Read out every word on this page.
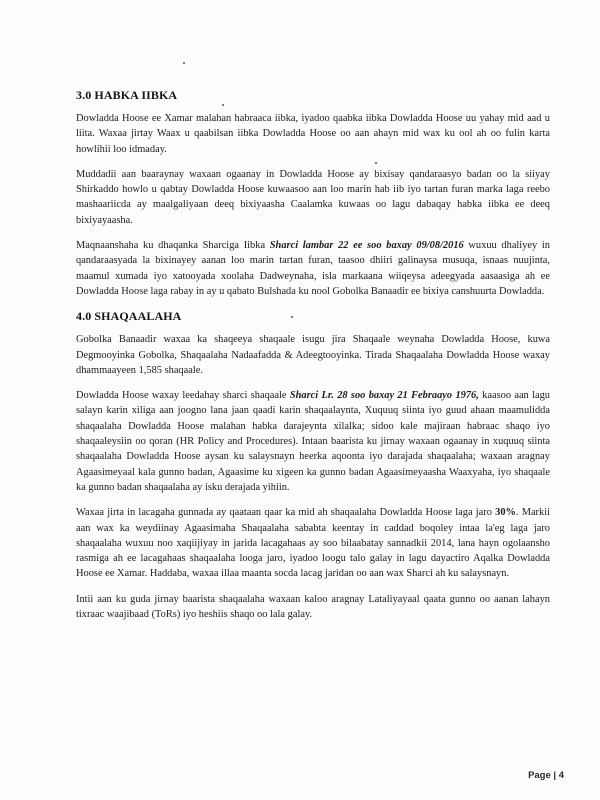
3.0 HABKA IIBKA

Dowladda Hoose ee Xamar malahan habraaca iibka, iyadoo qaabka iibka Dowladda Hoose uu yahay mid aad u liita. Waxaa jirtay Waax u qaabilsan iibka Dowladda Hoose oo aan ahayn mid wax ku ool ah oo fulin karta howlihii loo idmaday.

Muddadii aan baaraynay waxaan ogaanay in Dowladda Hoose ay bixisay qandaraasyo badan oo la siiyay Shirkaddo howlo u qabtay Dowladda Hoose kuwaasoo aan loo marin hab iib iyo tartan furan marka laga reebo mashaariicda ay maalgaliyaan deeq bixiyaasha Caalamka kuwaas oo lagu dabaqay habka iibka ee deeq bixiyayaasha.

Maqnaanshaha ku dhaqanka Sharciga Iibka Sharci lambar 22 ee soo baxay 09/08/2016 wuxuu dhaliyey in qandaraasyada la bixinayey aanan loo marin tartan furan, taasoo dhiiri galinaysa musuqa, isnaas nuujinta, maamul xumada iyo xatooyada xoolaha Dadweynaha, isla markaana wiiqeysa adeegyada aasaasiga ah ee Dowladda Hoose laga rabay in ay u qabato Bulshada ku nool Gobolka Banaadir ee bixiya canshuurta Dowladda.

4.0 SHAQAALAHA

Gobolka Banaadir waxaa ka shaqeeya shaqaale isugu jira Shaqaale weynaha Dowladda Hoose, kuwa Degmooyinka Gobolka, Shaqaalaha Nadaafadda & Adeegtooyinka. Tirada Shaqaalaha Dowladda Hoose waxay dhammaayeen 1,585 shaqaale.

Dowladda Hoose waxay leedahay sharci shaqaale Sharci Lr. 28 soo baxay 21 Febraayo 1976, kaasoo aan lagu salayn karin xiliga aan joogno lana jaan qaadi karin shaqaalaynta, Xuquuq siinta iyo guud ahaan maamulidda shaqaalaha Dowladda Hoose malahan habka darajeynta xilalka; sidoo kale majiraan habraac shaqo iyo shaqaaleysiin oo qoran (HR Policy and Procedures). Intaan baarista ku jirnay waxaan ogaanay in xuquuq siinta shaqaalaha Dowladda Hoose aysan ku salaysnayn heerka aqoonta iyo darajada shaqaalaha; waxaan aragnay Agaasimeyaal kala gunno badan, Agaasime ku xigeen ka gunno badan Agaasimeyaasha Waaxyaha, iyo shaqaale ka gunno badan shaqaalaha ay isku derajada yihiin.

Waxaa jirta in lacagaha gunnada ay qaataan qaar ka mid ah shaqaalaha Dowladda Hoose laga jaro 30%. Markii aan wax ka weydiinay Agaasimaha Shaqaalaha sababta keentay in caddad boqoley intaa la'eg laga jaro shaqaalaha wuxuu noo xaqiijiyay in jarida lacagahaas ay soo bilaabatay sannadkii 2014, lana hayn ogolaansho rasmiga ah ee lacagahaas shaqaalaha looga jaro, iyadoo loogu talo galay in lagu dayactiro Aqalka Dowladda Hoose ee Xamar. Haddaba, waxaa illaa maanta socda lacag jaridan oo aan wax Sharci ah ku salaysnayn.

Intii aan ku guda jirnay baarista shaqaalaha waxaan kaloo aragnay Lataliyayaal qaata gunno oo aanan lahayn tixraac waajibaad (ToRs) iyo heshiis shaqo oo lala galay.

Page | 4
